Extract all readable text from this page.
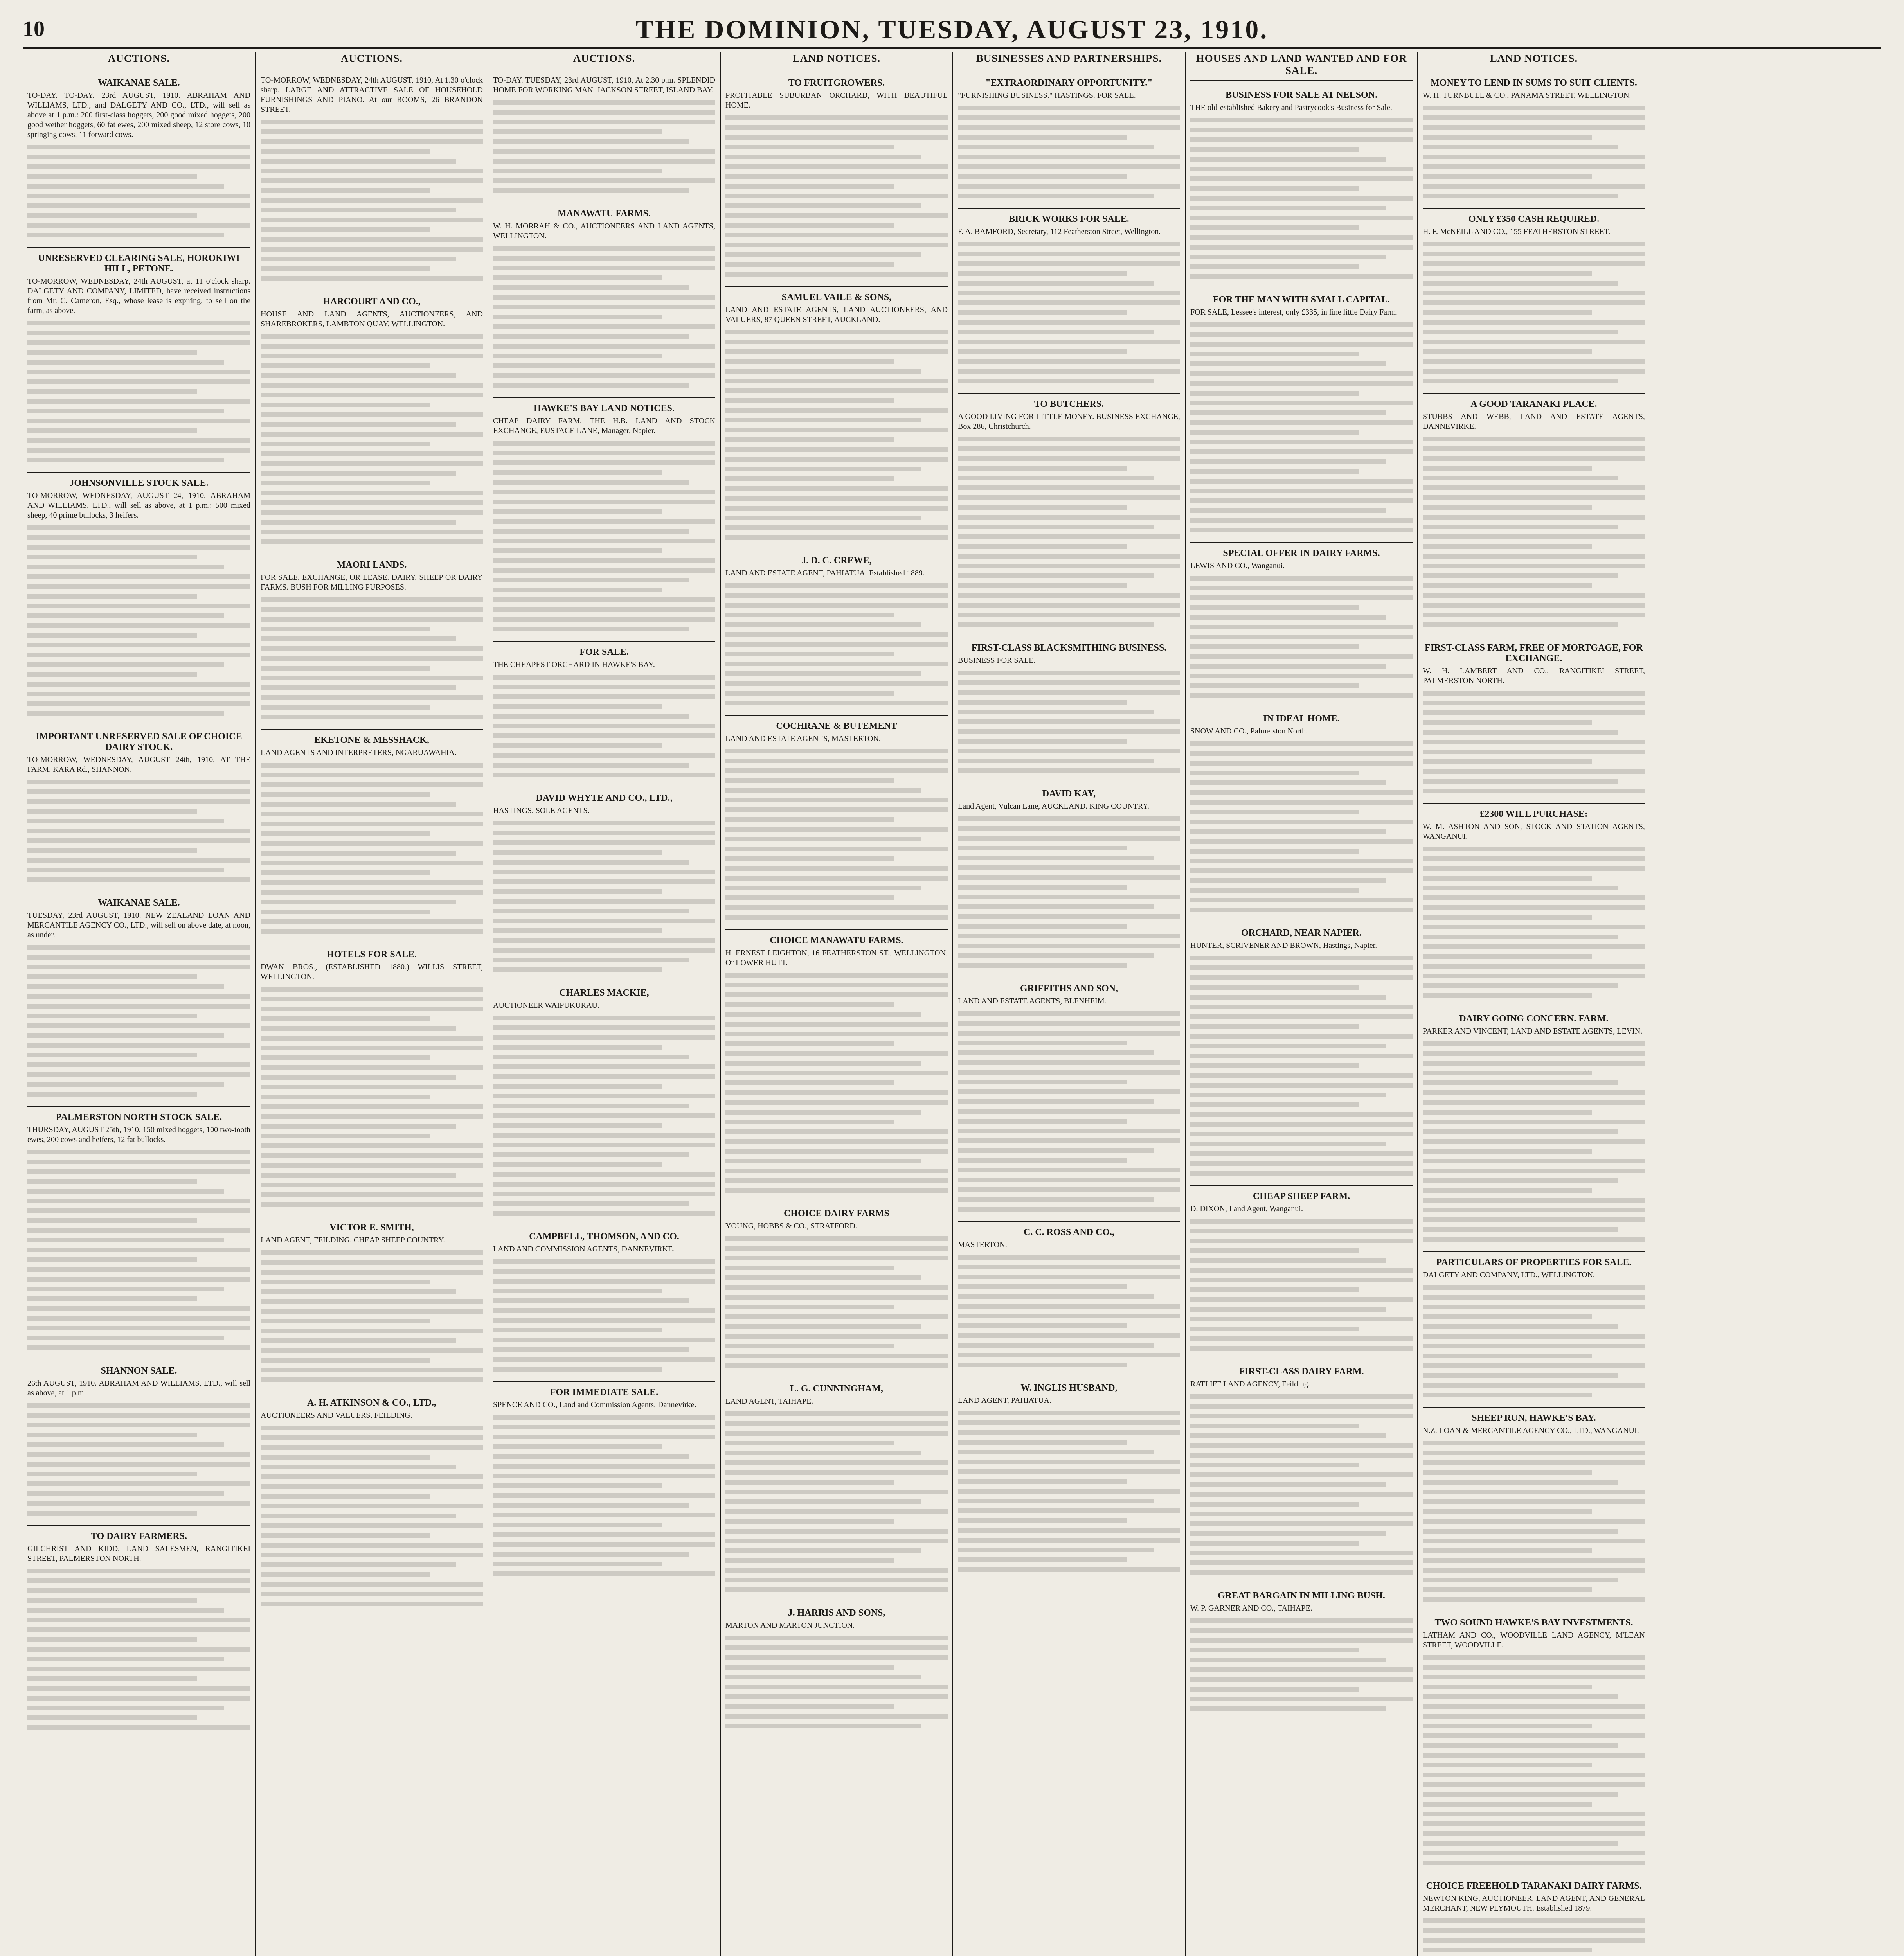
10	THE DOMINION, TUESDAY, AUGUST 23, 1910.
AUCTIONS.
WAIKANAE SALE.

TO-DAY. TO-DAY. 23rd AUGUST, 1910. ABRAHAM AND WILLIAMS, LTD., and DALGETY AND CO., LTD., will sell as above at 1 p.m.: 200 first-class hoggets, 200 good mixed hoggets, 200 good wether hoggets, 60 fat ewes, 200 mixed sheep, 12 store cows, 10 springing cows, 11 forward cows.

UNRESERVED CLEARING SALE, HOROKIWI HILL, PETONE.

TO-MORROW, WEDNESDAY, 24th AUGUST, at 11 o'clock sharp. DALGETY AND COMPANY, LIMITED, have received instructions from Mr. C. Cameron, Esq., whose lease is expiring, to sell on the farm, as above.

JOHNSONVILLE STOCK SALE.

TO-MORROW, WEDNESDAY, AUGUST 24, 1910. ABRAHAM AND WILLIAMS, LTD., will sell as above, at 1 p.m.: 500 mixed sheep, 40 prime bullocks, 3 heifers.

IMPORTANT UNRESERVED SALE OF CHOICE DAIRY STOCK.

TO-MORROW, WEDNESDAY, AUGUST 24th, 1910, AT THE FARM, KARA Rd., SHANNON.

WAIKANAE SALE.

TUESDAY, 23rd AUGUST, 1910. NEW ZEALAND LOAN AND MERCANTILE AGENCY CO., LTD., will sell on above date, at noon, as under.

PALMERSTON NORTH STOCK SALE.

THURSDAY, AUGUST 25th, 1910. 150 mixed hoggets, 100 two-tooth ewes, 200 cows and heifers, 12 fat bullocks.

SHANNON SALE.

26th AUGUST, 1910. ABRAHAM AND WILLIAMS, LTD., will sell as above, at 1 p.m.

TO DAIRY FARMERS.

GILCHRIST AND KIDD, LAND SALESMEN, RANGITIKEI STREET, PALMERSTON NORTH.

AUCTIONS.

TO-MORROW, WEDNESDAY, 24th AUGUST, 1910, At 1.30 o'clock sharp. LARGE AND ATTRACTIVE SALE OF HOUSEHOLD FURNISHINGS AND PIANO. At our ROOMS, 26 BRANDON STREET.

HARCOURT AND CO.,

HOUSE AND LAND AGENTS, AUCTIONEERS, AND SHAREBROKERS, LAMBTON QUAY, WELLINGTON.

MAORI LANDS.

FOR SALE, EXCHANGE, OR LEASE. DAIRY, SHEEP OR DAIRY FARMS. BUSH FOR MILLING PURPOSES.

EKETONE & MESSHACK,

LAND AGENTS AND INTERPRETERS, NGARUAWAHIA.

HOTELS FOR SALE.

DWAN BROS., (ESTABLISHED 1880.) WILLIS STREET, WELLINGTON.

VICTOR E. SMITH,

LAND AGENT, FEILDING. CHEAP SHEEP COUNTRY.

A. H. ATKINSON & CO., LTD.,

AUCTIONEERS AND VALUERS, FEILDING.

AUCTIONS.

TO-DAY. TUESDAY, 23rd AUGUST, 1910, At 2.30 p.m. SPLENDID HOME FOR WORKING MAN. JACKSON STREET, ISLAND BAY.

MANAWATU FARMS.

W. H. MORRAH & CO., AUCTIONEERS AND LAND AGENTS, WELLINGTON.

HAWKE'S BAY LAND NOTICES.

CHEAP DAIRY FARM. THE H.B. LAND AND STOCK EXCHANGE, EUSTACE LANE, Manager, Napier.

FOR SALE.

THE CHEAPEST ORCHARD IN HAWKE'S BAY.

DAVID WHYTE AND CO., LTD.,

HASTINGS. SOLE AGENTS.

CHARLES MACKIE,

AUCTIONEER WAIPUKURAU.

CAMPBELL, THOMSON, AND CO.

LAND AND COMMISSION AGENTS, DANNEVIRKE.

FOR IMMEDIATE SALE.

SPENCE AND CO., Land and Commission Agents, Dannevirke.

LAND NOTICES.
TO FRUITGROWERS.

PROFITABLE SUBURBAN ORCHARD, WITH BEAUTIFUL HOME.

SAMUEL VAILE & SONS,

LAND AND ESTATE AGENTS, LAND AUCTIONEERS, AND VALUERS, 87 QUEEN STREET, AUCKLAND.

J. D. C. CREWE,

LAND AND ESTATE AGENT, PAHIATUA. Established 1889.

COCHRANE & BUTEMENT

LAND AND ESTATE AGENTS, MASTERTON.

CHOICE MANAWATU FARMS.

H. ERNEST LEIGHTON, 16 FEATHERSTON ST., WELLINGTON, Or LOWER HUTT.

CHOICE DAIRY FARMS

YOUNG, HOBBS & CO., STRATFORD.

L. G. CUNNINGHAM,

LAND AGENT, TAIHAPE.

J. HARRIS AND SONS,

MARTON AND MARTON JUNCTION.

BUSINESSES AND PARTNERSHIPS.
"EXTRAORDINARY OPPORTUNITY."

"FURNISHING BUSINESS." HASTINGS. FOR SALE.

BRICK WORKS FOR SALE.

F. A. BAMFORD, Secretary, 112 Featherston Street, Wellington.

TO BUTCHERS.

A GOOD LIVING FOR LITTLE MONEY. BUSINESS EXCHANGE, Box 286, Christchurch.

FIRST-CLASS BLACKSMITHING BUSINESS.

BUSINESS FOR SALE.

DAVID KAY,

Land Agent, Vulcan Lane, AUCKLAND. KING COUNTRY.

GRIFFITHS AND SON,

LAND AND ESTATE AGENTS, BLENHEIM.

C. C. ROSS AND CO.,

MASTERTON.

W. INGLIS HUSBAND,

LAND AGENT, PAHIATUA.

HOUSES AND LAND WANTED AND FOR SALE.
BUSINESS FOR SALE AT NELSON.

THE old-established Bakery and Pastrycook's Business for Sale.

FOR THE MAN WITH SMALL CAPITAL.

FOR SALE, Lessee's interest, only £335, in fine little Dairy Farm.

SPECIAL OFFER IN DAIRY FARMS.

LEWIS AND CO., Wanganui.

IN IDEAL HOME.

SNOW AND CO., Palmerston North.

ORCHARD, NEAR NAPIER.

HUNTER, SCRIVENER AND BROWN, Hastings, Napier.

CHEAP SHEEP FARM.

D. DIXON, Land Agent, Wanganui.

FIRST-CLASS DAIRY FARM.

RATLIFF LAND AGENCY, Feilding.

GREAT BARGAIN IN MILLING BUSH.

W. P. GARNER AND CO., TAIHAPE.

LAND NOTICES.
MONEY TO LEND IN SUMS TO SUIT CLIENTS.

W. H. TURNBULL & CO., PANAMA STREET, WELLINGTON.

ONLY £350 CASH REQUIRED.

H. F. McNEILL AND CO., 155 FEATHERSTON STREET.

A GOOD TARANAKI PLACE.

STUBBS AND WEBB, LAND AND ESTATE AGENTS, DANNEVIRKE.

FIRST-CLASS FARM, FREE OF MORTGAGE, FOR EXCHANGE.

W. H. LAMBERT AND CO., RANGITIKEI STREET, PALMERSTON NORTH.

£2300 WILL PURCHASE:

W. M. ASHTON AND SON, STOCK AND STATION AGENTS, WANGANUI.

DAIRY GOING CONCERN. FARM.

PARKER AND VINCENT, LAND AND ESTATE AGENTS, LEVIN.

PARTICULARS OF PROPERTIES FOR SALE.

DALGETY AND COMPANY, LTD., WELLINGTON.

SHEEP RUN, HAWKE'S BAY.

N.Z. LOAN & MERCANTILE AGENCY CO., LTD., WANGANUI.

TWO SOUND HAWKE'S BAY INVESTMENTS.

LATHAM AND CO., WOODVILLE LAND AGENCY, M'LEAN STREET, WOODVILLE.

CHOICE FREEHOLD TARANAKI DAIRY FARMS.

NEWTON KING, AUCTIONEER, LAND AGENT, AND GENERAL MERCHANT, NEW PLYMOUTH. Established 1879.
